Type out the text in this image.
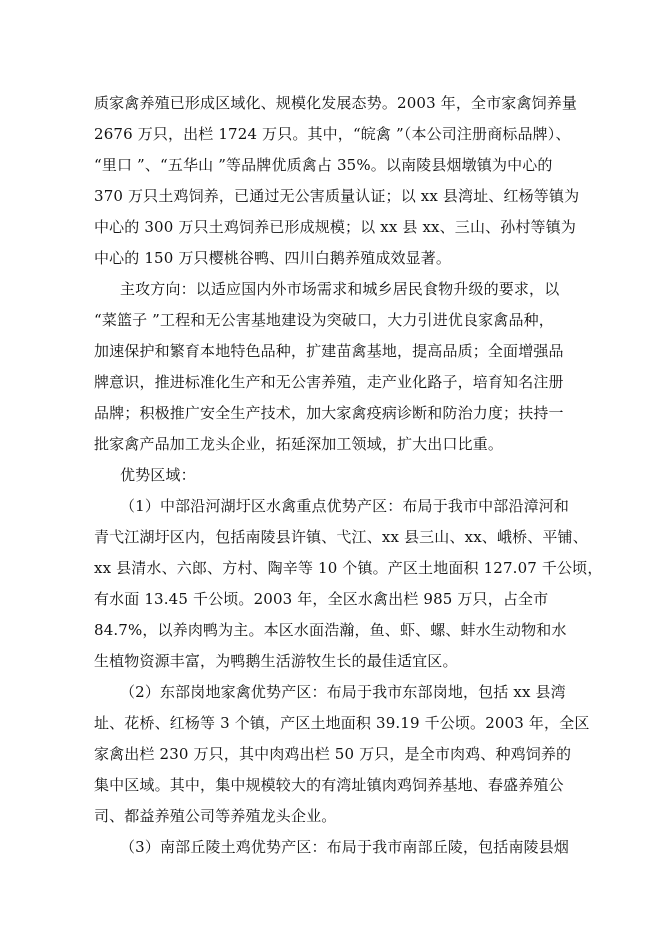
质家禽养殖已形成区域化、规模化发展态势。2003 年，全市家禽饲养量
2676 万只，出栏 1724 万只。其中，“皖禽 ”（本公司注册商标品牌）、
“里口 ”、“五华山 ”等品牌优质禽占 35%。以南陵县烟墩镇为中心的
370 万只土鸡饲养，已通过无公害质量认证；以 xx 县湾址、红杨等镇为
中心的 300 万只土鸡饲养已形成规模；以 xx 县 xx、三山、孙村等镇为
中心的 150 万只樱桃谷鸭、四川白鹅养殖成效显著。
主攻方向：以适应国内外市场需求和城乡居民食物升级的要求，以
“菜篮子 ”工程和无公害基地建设为突破口，大力引进优良家禽品种，
加速保护和繁育本地特色品种，扩建苗禽基地，提高品质；全面增强品
牌意识，推进标准化生产和无公害养殖，走产业化路子，培育知名注册
品牌；积极推广安全生产技术，加大家禽疫病诊断和防治力度；扶持一
批家禽产品加工龙头企业，拓延深加工领域，扩大出口比重。
优势区域：
（1）中部沿河湖圩区水禽重点优势产区：布局于我市中部沿漳河和
青弋江湖圩区内，包括南陵县许镇、弋江、xx 县三山、xx、峨桥、平铺、
xx 县清水、六郎、方村、陶辛等 10 个镇。产区土地面积 127.07 千公顷，
有水面 13.45 千公顷。2003 年，全区水禽出栏 985 万只，占全市
84.7%，以养肉鸭为主。本区水面浩瀚，鱼、虾、螺、蚌水生动物和水
生植物资源丰富，为鸭鹅生活游牧生长的最佳适宜区。
（2）东部岗地家禽优势产区：布局于我市东部岗地，包括 xx 县湾
址、花桥、红杨等 3 个镇，产区土地面积 39.19 千公顷。2003 年，全区
家禽出栏 230 万只，其中肉鸡出栏 50 万只，是全市肉鸡、种鸡饲养的
集中区域。其中，集中规模较大的有湾址镇肉鸡饲养基地、春盛养殖公
司、都益养殖公司等养殖龙头企业。
（3）南部丘陵土鸡优势产区：布局于我市南部丘陵，包括南陵县烟
